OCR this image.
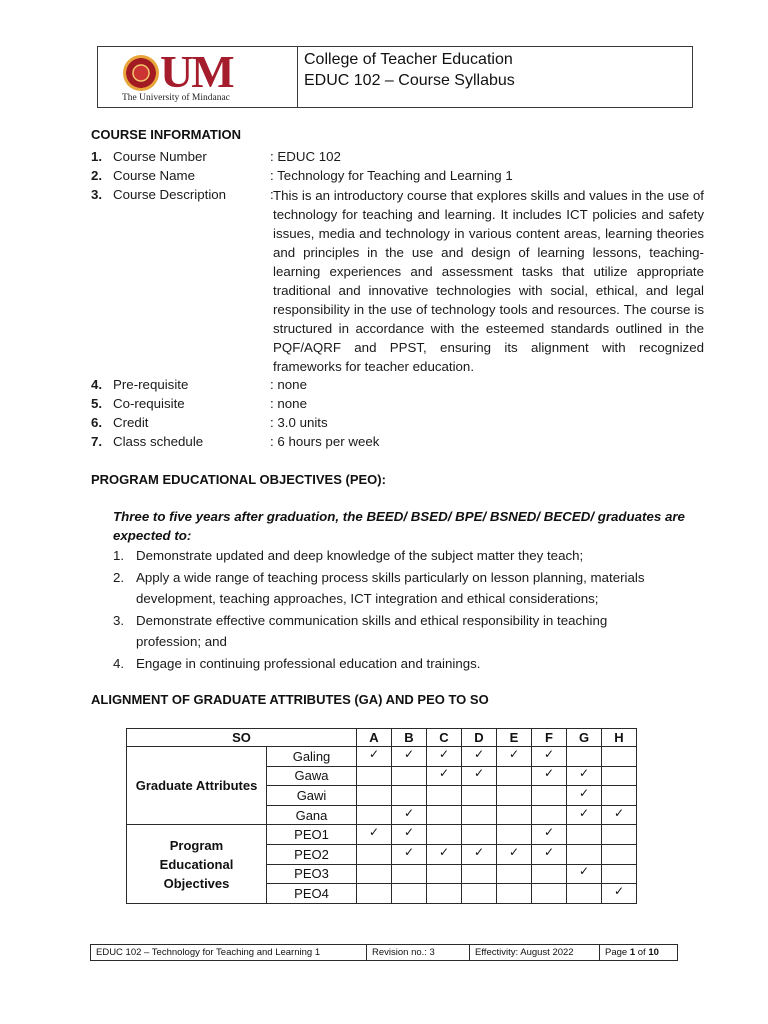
UM
The University of Mindanac
College of Teacher Education
EDUC 102 – Course Syllabus
COURSE INFORMATION
1. Course Number	: EDUC 102
2. Course Name	: Technology for Teaching and Learning 1
3. Course Description	: This is an introductory course that explores skills and values in the use of technology for teaching and learning. It includes ICT policies and safety issues, media and technology in various content areas, learning theories and principles in the use and design of learning lessons, teaching-learning experiences and assessment tasks that utilize appropriate traditional and innovative technologies with social, ethical, and legal responsibility in the use of technology tools and resources. The course is structured in accordance with the esteemed standards outlined in the PQF/AQRF and PPST, ensuring its alignment with recognized frameworks for teacher education.
4. Pre-requisite	: none
5. Co-requisite	: none
6. Credit	: 3.0 units
7. Class schedule	: 6 hours per week
PROGRAM EDUCATIONAL OBJECTIVES (PEO):
Three to five years after graduation, the BEED/ BSED/ BPE/ BSNED/ BECED/ graduates are expected to:
1. Demonstrate updated and deep knowledge of the subject matter they teach;
2. Apply a wide range of teaching process skills particularly on lesson planning, materials development, teaching approaches, ICT integration and ethical considerations;
3. Demonstrate effective communication skills and ethical responsibility in teaching profession; and
4. Engage in continuing professional education and trainings.
ALIGNMENT OF GRADUATE ATTRIBUTES (GA) AND PEO TO SO
SO		A	B	C	D	E	F	G	H
Graduate Attributes	Galing	✓	✓	✓	✓	✓	✓		
	Gawa			✓	✓		✓	✓	
	Gawi							✓	
	Gana		✓					✓	✓
Program Educational Objectives	PEO1	✓	✓				✓		
	PEO2		✓	✓	✓	✓	✓		
	PEO3							✓	
	PEO4								✓
EDUC 102 – Technology for Teaching and Learning 1	Revision no.: 3	Effectivity: August 2022	Page 1 of 10
